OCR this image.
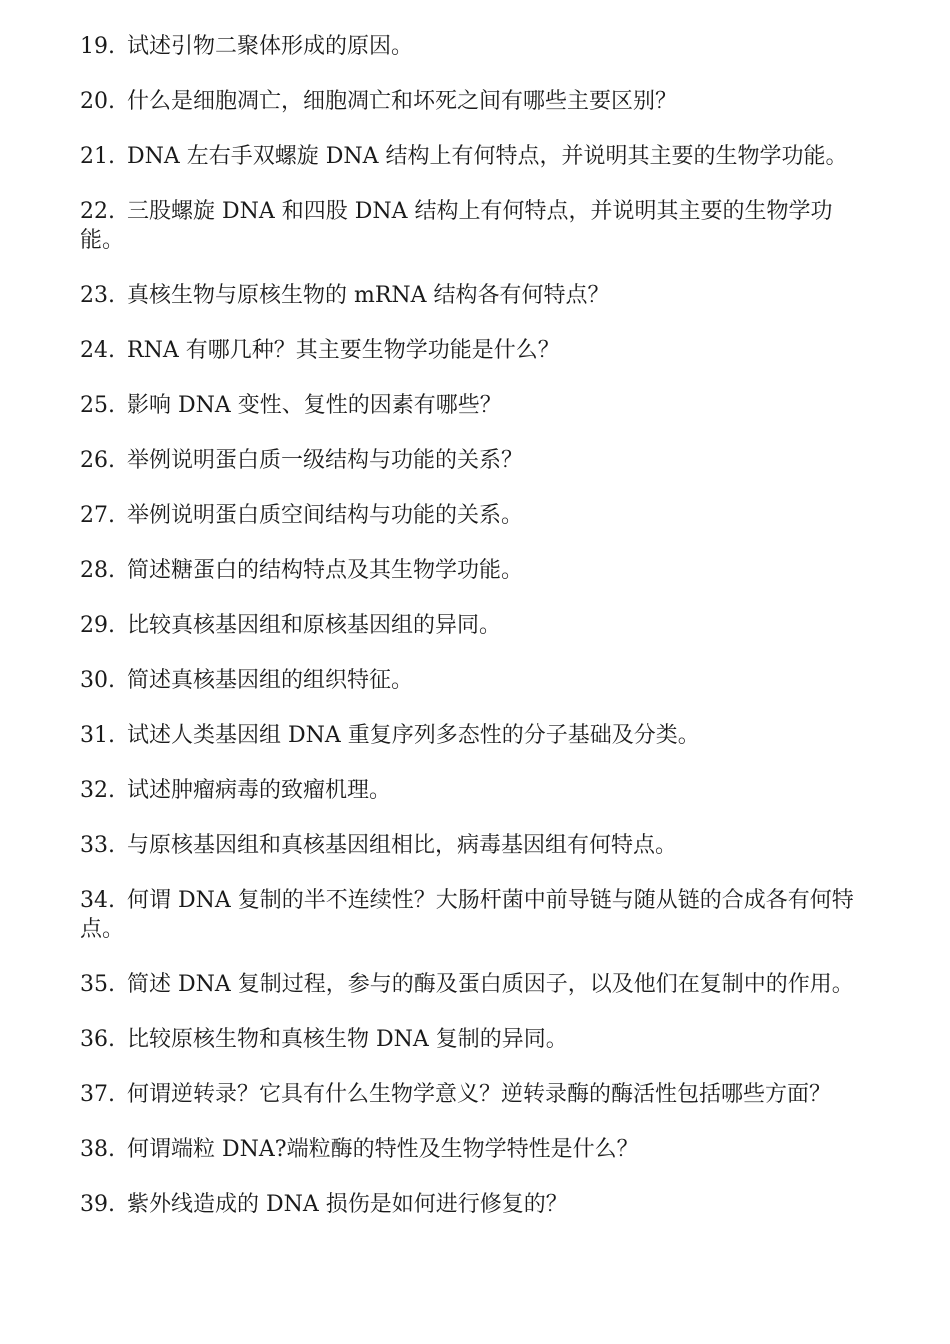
19. 试述引物二聚体形成的原因。

20. 什么是细胞凋亡，细胞凋亡和坏死之间有哪些主要区别？

21. DNA 左右手双螺旋 DNA 结构上有何特点，并说明其主要的生物学功能。

22. 三股螺旋 DNA 和四股 DNA 结构上有何特点，并说明其主要的生物学功能。

23. 真核生物与原核生物的 mRNA 结构各有何特点？

24. RNA 有哪几种？其主要生物学功能是什么？

25. 影响 DNA 变性、复性的因素有哪些？

26. 举例说明蛋白质一级结构与功能的关系？

27. 举例说明蛋白质空间结构与功能的关系。

28. 简述糖蛋白的结构特点及其生物学功能。

29. 比较真核基因组和原核基因组的异同。

30. 简述真核基因组的组织特征。

31. 试述人类基因组 DNA 重复序列多态性的分子基础及分类。

32. 试述肿瘤病毒的致瘤机理。

33. 与原核基因组和真核基因组相比，病毒基因组有何特点。

34. 何谓 DNA 复制的半不连续性？大肠杆菌中前导链与随从链的合成各有何特点。

35. 简述 DNA 复制过程，参与的酶及蛋白质因子，以及他们在复制中的作用。

36. 比较原核生物和真核生物 DNA 复制的异同。

37. 何谓逆转录？它具有什么生物学意义？逆转录酶的酶活性包括哪些方面？

38. 何谓端粒 DNA?端粒酶的特性及生物学特性是什么？

39. 紫外线造成的 DNA 损伤是如何进行修复的？
